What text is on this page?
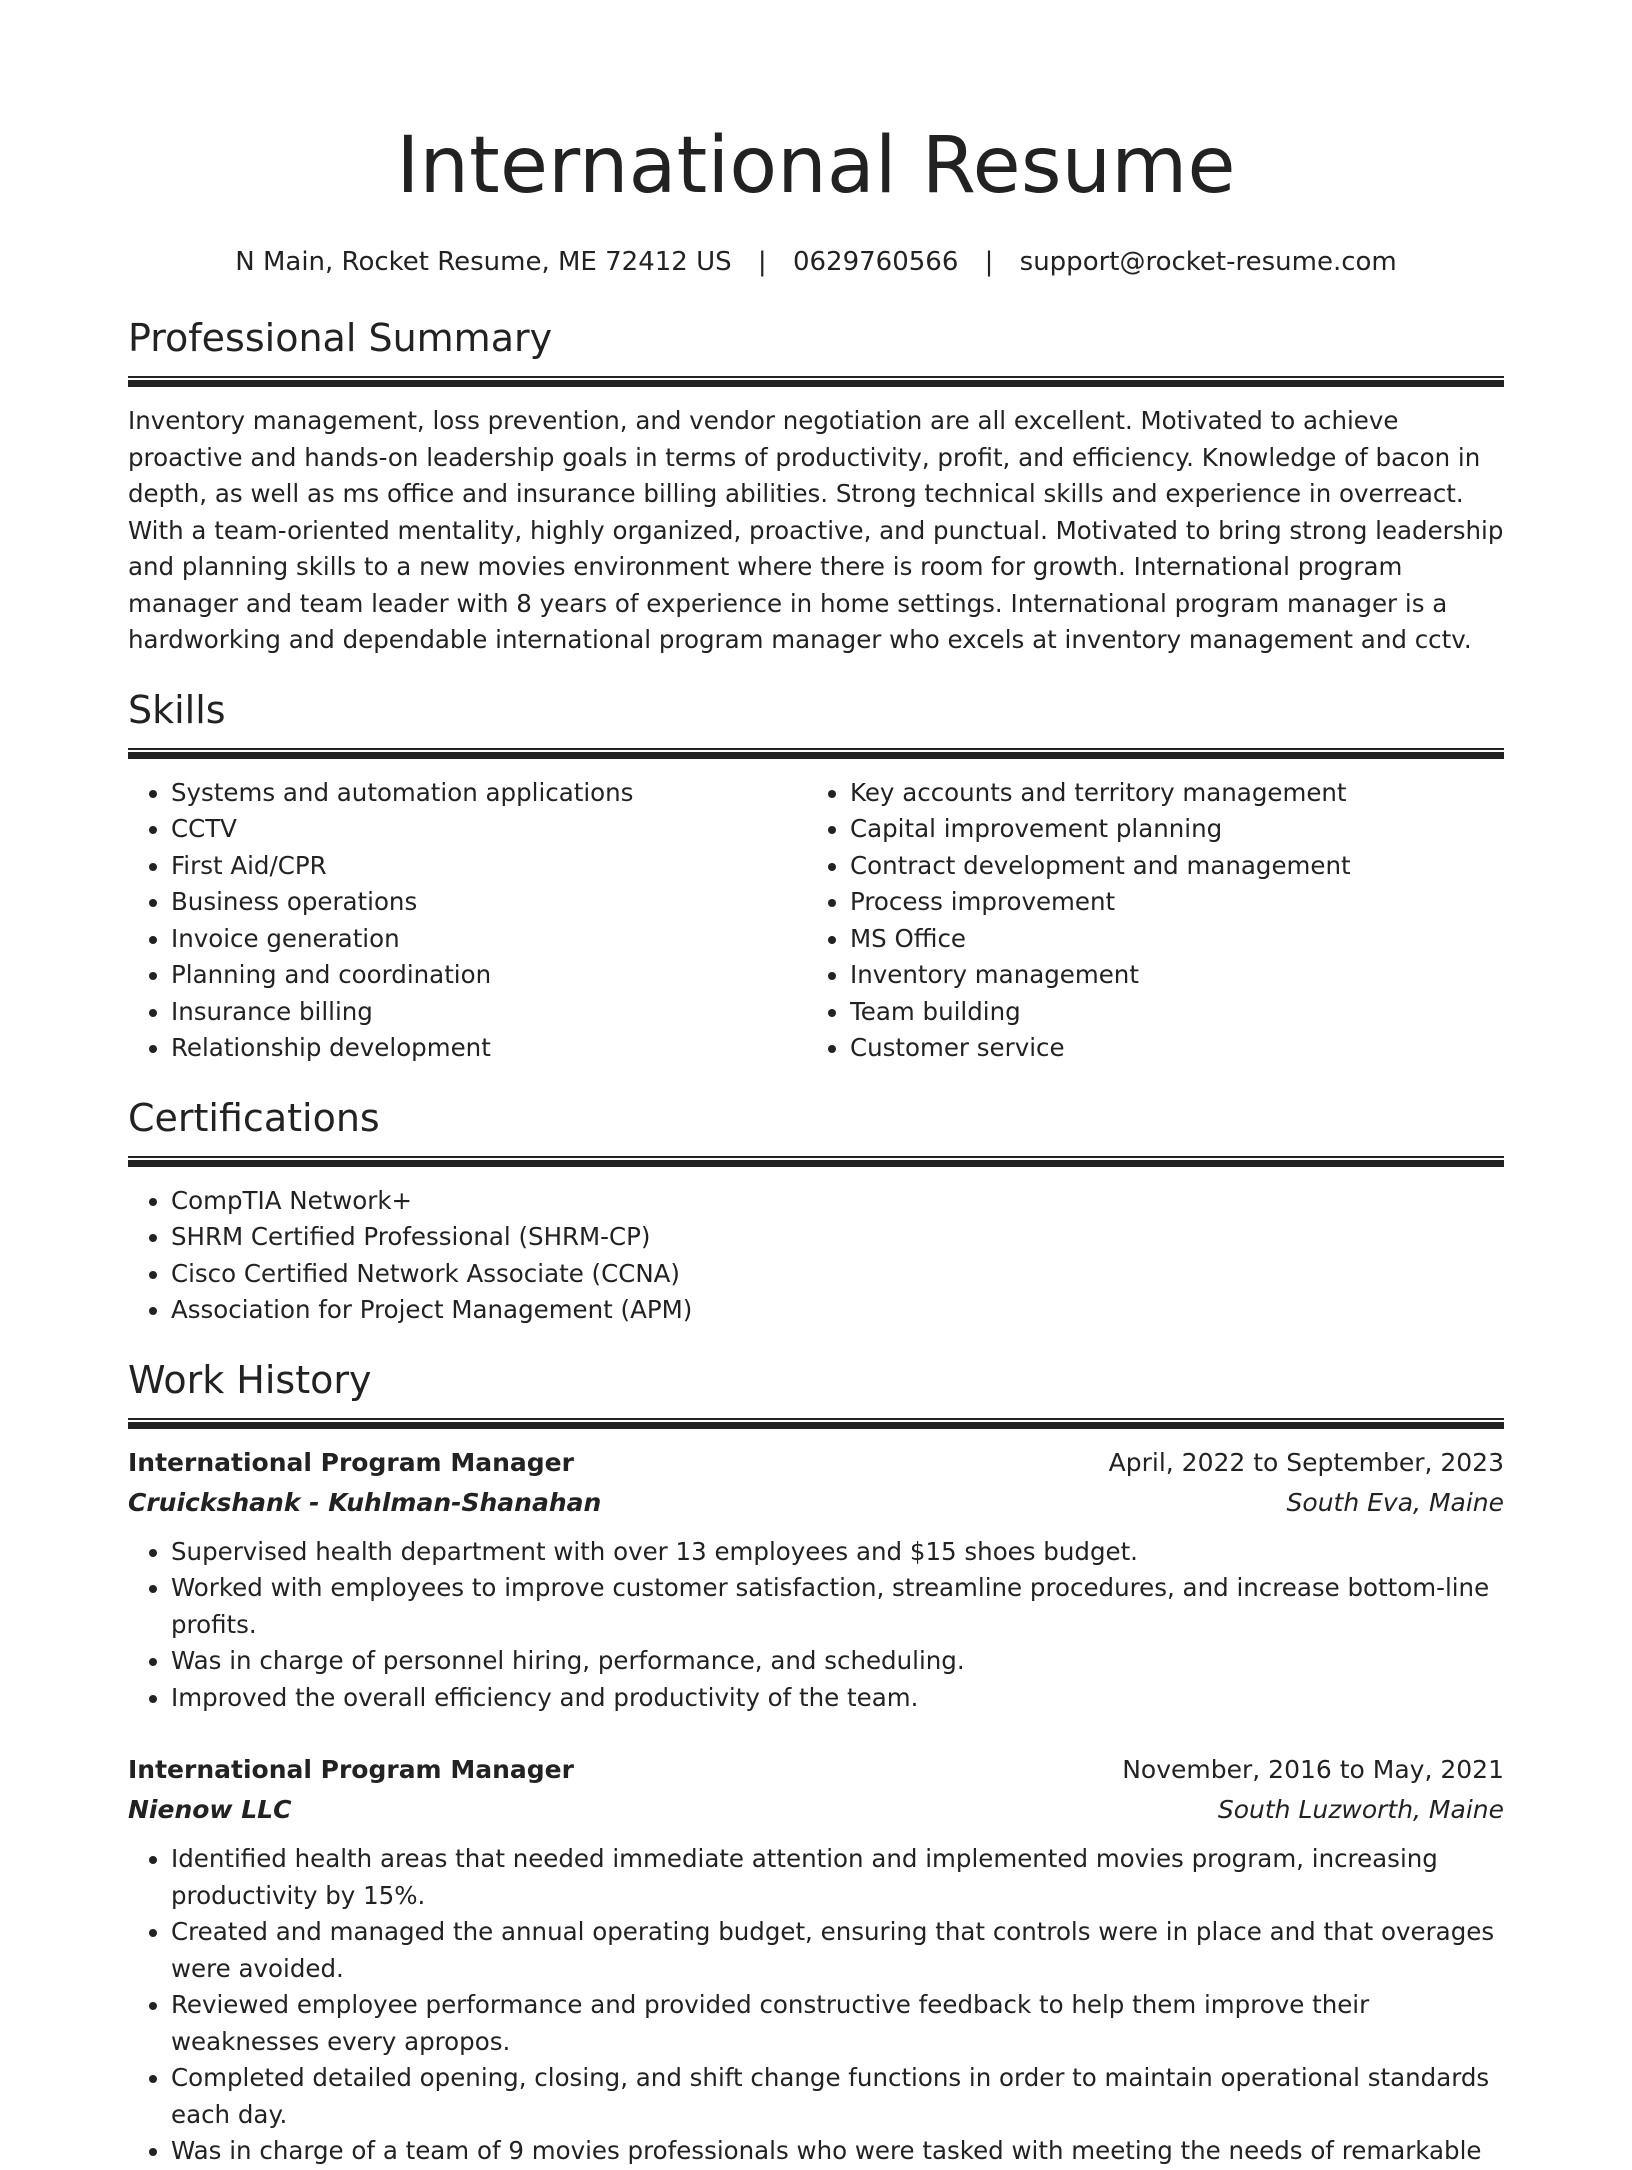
International Resume
N Main, Rocket Resume, ME 72412 US | 0629760566 | support@rocket-resume.com
Professional Summary

Inventory management, loss prevention, and vendor negotiation are all excellent. Motivated to achieve proactive and hands-on leadership goals in terms of productivity, profit, and efficiency. Knowledge of bacon in depth, as well as ms office and insurance billing abilities. Strong technical skills and experience in overreact. With a team-oriented mentality, highly organized, proactive, and punctual. Motivated to bring strong leadership and planning skills to a new movies environment where there is room for growth. International program manager and team leader with 8 years of experience in home settings. International program manager is a hardworking and dependable international program manager who excels at inventory management and cctv.

Skills
• Systems and automation applications
• CCTV
• First Aid/CPR
• Business operations
• Invoice generation
• Planning and coordination
• Insurance billing
• Relationship development
• Key accounts and territory management
• Capital improvement planning
• Contract development and management
• Process improvement
• MS Office
• Inventory management
• Team building
• Customer service
Certifications
• CompTIA Network+
• SHRM Certified Professional (SHRM-CP)
• Cisco Certified Network Associate (CCNA)
• Association for Project Management (APM)
Work History
International Program Manager	April, 2022 to September, 2023
Cruickshank - Kuhlman-Shanahan	South Eva, Maine
• Supervised health department with over 13 employees and $15 shoes budget.
• Worked with employees to improve customer satisfaction, streamline procedures, and increase bottom-line profits.
• Was in charge of personnel hiring, performance, and scheduling.
• Improved the overall efficiency and productivity of the team.
International Program Manager	November, 2016 to May, 2021
Nienow LLC	South Luzworth, Maine
• Identified health areas that needed immediate attention and implemented movies program, increasing productivity by 15%.
• Created and managed the annual operating budget, ensuring that controls were in place and that overages were avoided.
• Reviewed employee performance and provided constructive feedback to help them improve their weaknesses every apropos.
• Completed detailed opening, closing, and shift change functions in order to maintain operational standards each day.
• Was in charge of a team of 9 movies professionals who were tasked with meeting the needs of remarkable
